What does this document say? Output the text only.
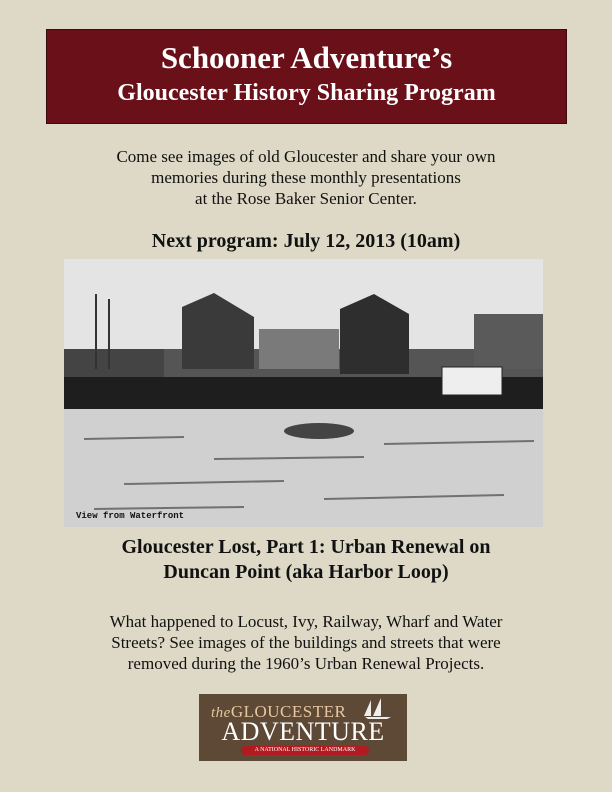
Schooner Adventure’s
Gloucester History Sharing Program
Come see images of old Gloucester and share your own
memories during these monthly presentations
at the Rose Baker Senior Center.
Next program: July 12, 2013 (10am)
View from Waterfront
Gloucester Lost, Part 1: Urban Renewal on
Duncan Point (aka Harbor Loop)
What happened to Locust, Ivy, Railway, Wharf and Water
Streets? See images of the buildings and streets that were
removed during the 1960’s Urban Renewal Projects.
theGLOUCESTER
ADVENTURE
A NATIONAL HISTORIC LANDMARK
